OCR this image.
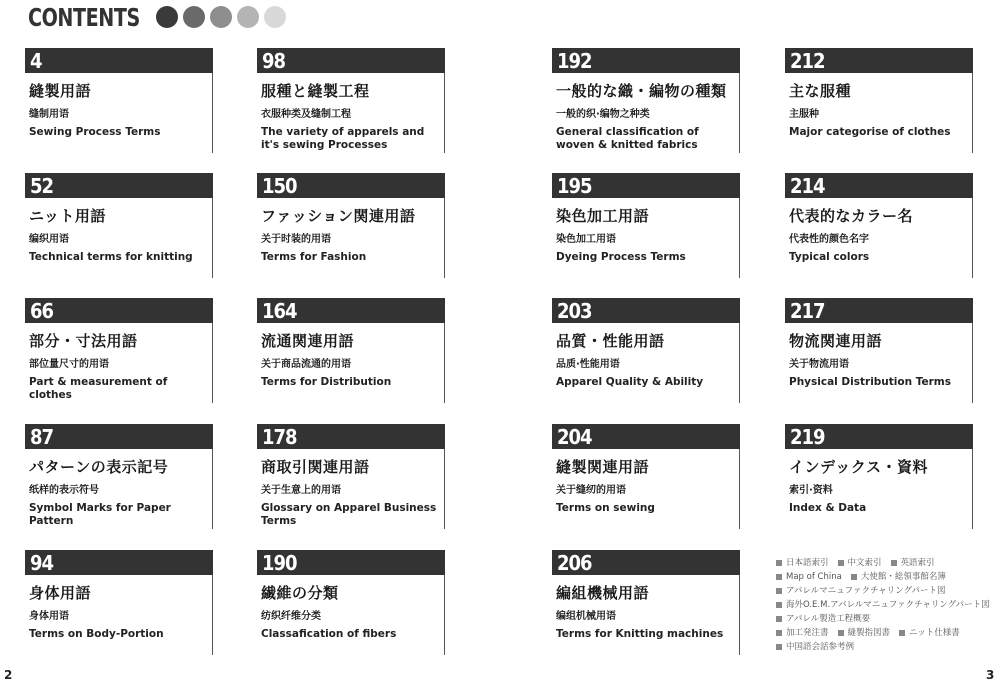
CONTENTS
4
縫製用語
缝制用语
Sewing Process Terms
98
服種と縫製工程
衣服种类及缝制工程
The variety of apparels and it's sewing Processes
192
一般的な織・編物の種類
一般的织·编物之种类
General classification of woven & knitted fabrics
212
主な服種
主服种
Major categorise of clothes
52
ニット用語
编织用语
Technical terms for knitting
150
ファッション関連用語
关于时装的用语
Terms for Fashion
195
染色加工用語
染色加工用语
Dyeing Process Terms
214
代表的なカラー名
代表性的颜色名字
Typical colors
66
部分・寸法用語
部位量尺寸的用语
Part & measurement of clothes
164
流通関連用語
关于商品流通的用语
Terms for Distribution
203
品質・性能用語
品质·性能用语
Apparel Quality & Ability
217
物流関連用語
关于物流用语
Physical Distribution Terms
87
パターンの表示記号
纸样的表示符号
Symbol Marks for Paper Pattern
178
商取引関連用語
关于生意上的用语
Glossary on Apparel Business Terms
204
縫製関連用語
关于缝纫的用语
Terms on sewing
219
インデックス・資料
索引·资料
Index & Data
94
身体用語
身体用语
Terms on Body-Portion
190
繊維の分類
纺织纤维分类
Classafication of fibers
206
編組機械用語
编组机械用语
Terms for Knitting machines
日本語索引 中文索引 英語索引
Map of China 大使館・総領事館名簿
アパレルマニュファクチャリングパート図
海外O.E.M.アパレルマニュファクチャリングパート図
アパレル製造工程概要
加工発注書 縫製指図書 ニット仕様書
中国語会話参考例
2	3
